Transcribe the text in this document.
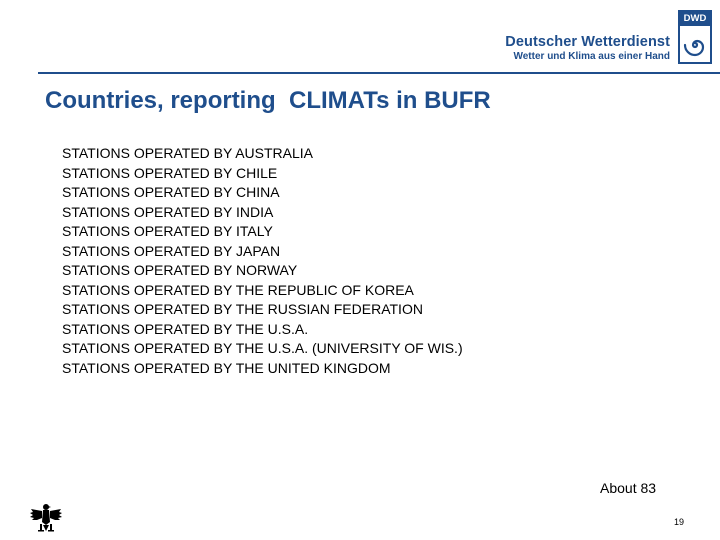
Deutscher Wetterdienst
Wetter und Klima aus einer Hand
DWD
Countries, reporting  CLIMATs in BUFR
STATIONS OPERATED BY AUSTRALIA
STATIONS OPERATED BY CHILE
STATIONS OPERATED BY CHINA
STATIONS OPERATED BY INDIA
STATIONS OPERATED BY ITALY
STATIONS OPERATED BY JAPAN
STATIONS OPERATED BY NORWAY
STATIONS OPERATED BY THE REPUBLIC OF KOREA
STATIONS OPERATED BY THE RUSSIAN FEDERATION
STATIONS OPERATED BY THE U.S.A.
STATIONS OPERATED BY THE U.S.A. (UNIVERSITY OF WIS.)
STATIONS OPERATED BY THE UNITED KINGDOM
About 83
19
